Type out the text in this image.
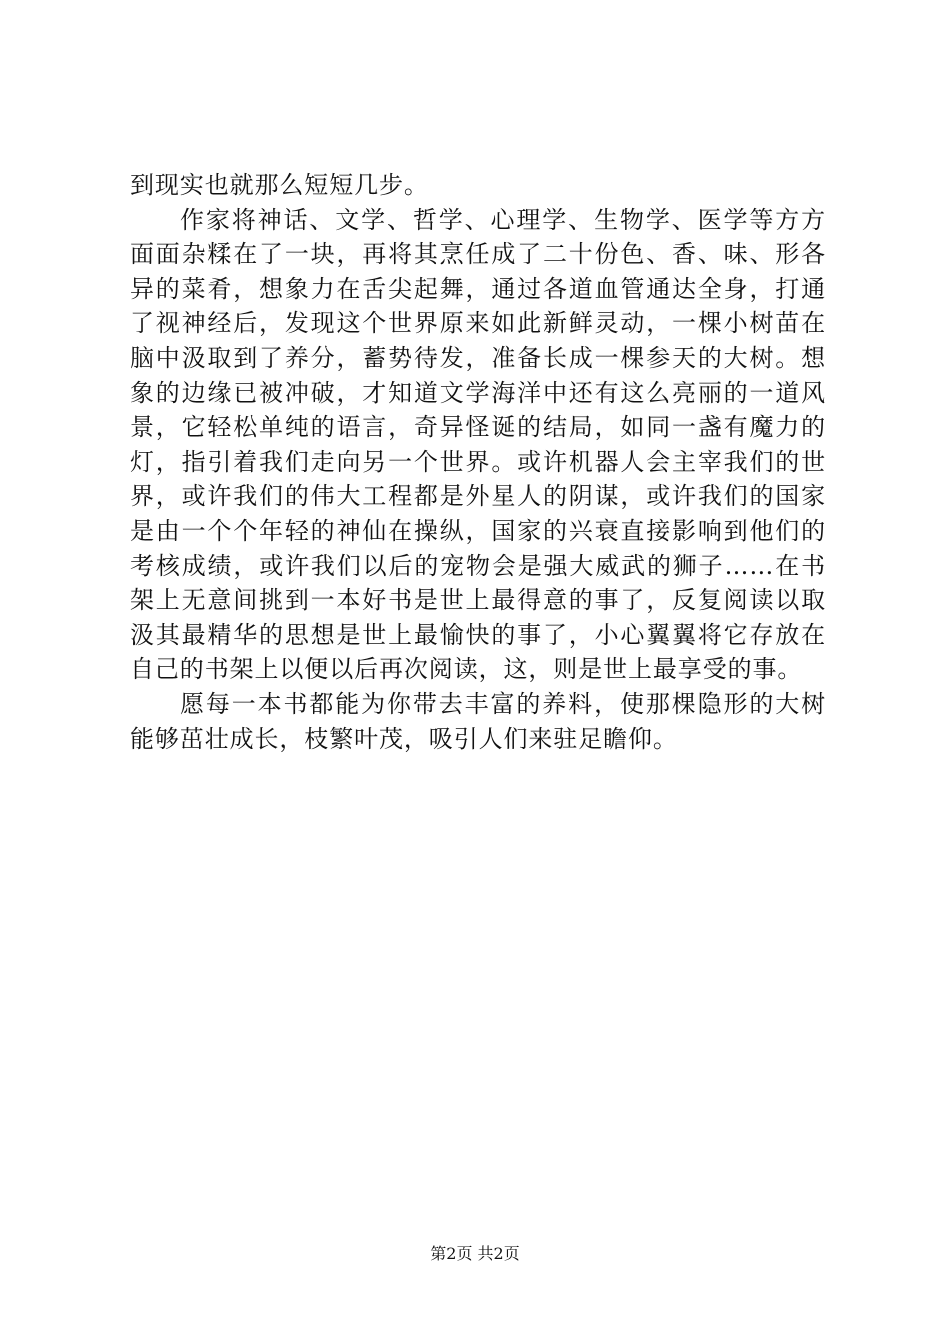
到现实也就那么短短几步。

作家将神话、文学、哲学、心理学、生物学、医学等方方面面杂糅在了一块，再将其烹任成了二十份色、香、味、形各异的菜肴，想象力在舌尖起舞，通过各道血管通达全身，打通了视神经后，发现这个世界原来如此新鲜灵动，一棵小树苗在脑中汲取到了养分，蓄势待发，准备长成一棵参天的大树。想象的边缘已被冲破，才知道文学海洋中还有这么亮丽的一道风景，它轻松单纯的语言，奇异怪诞的结局，如同一盏有魔力的灯，指引着我们走向另一个世界。或许机器人会主宰我们的世界，或许我们的伟大工程都是外星人的阴谋，或许我们的国家是由一个个年轻的神仙在操纵，国家的兴衰直接影响到他们的考核成绩，或许我们以后的宠物会是强大威武的狮子……在书架上无意间挑到一本好书是世上最得意的事了，反复阅读以取汲其最精华的思想是世上最愉快的事了，小心翼翼将它存放在自己的书架上以便以后再次阅读，这，则是世上最享受的事。

愿每一本书都能为你带去丰富的养料，使那棵隐形的大树能够茁壮成长，枝繁叶茂，吸引人们来驻足瞻仰。

第2页 共2页
